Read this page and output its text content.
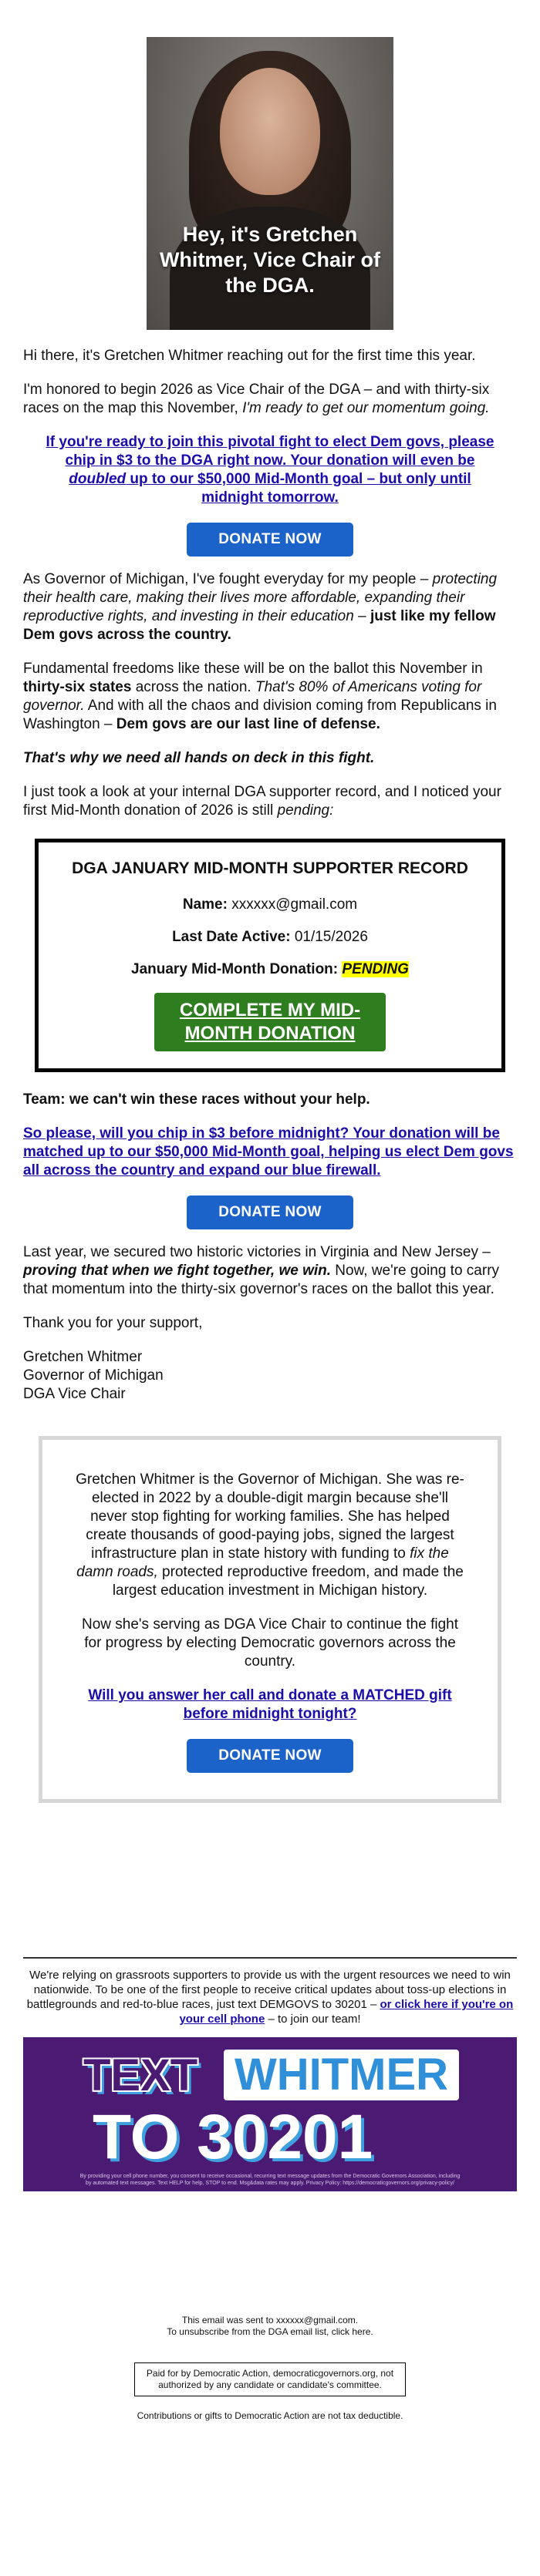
Hey, it's Gretchen Whitmer, Vice Chair of the DGA.

Hi there, it's Gretchen Whitmer reaching out for the first time this year.

I'm honored to begin 2026 as Vice Chair of the DGA – and with thirty-six races on the map this November, I'm ready to get our momentum going.

If you're ready to join this pivotal fight to elect Dem govs, please chip in $3 to the DGA right now. Your donation will even be doubled up to our $50,000 Mid-Month goal – but only until midnight tomorrow.
DONATE NOW

As Governor of Michigan, I've fought everyday for my people – protecting their health care, making their lives more affordable, expanding their reproductive rights, and investing in their education – just like my fellow Dem govs across the country.

Fundamental freedoms like these will be on the ballot this November in thirty-six states across the nation. That's 80% of Americans voting for governor. And with all the chaos and division coming from Republicans in Washington – Dem govs are our last line of defense.

That's why we need all hands on deck in this fight.

I just took a look at your internal DGA supporter record, and I noticed your first Mid-Month donation of 2026 is still pending:

DGA JANUARY MID-MONTH SUPPORTER RECORD
Name: xxxxxx@gmail.com
Last Date Active: 01/15/2026
January Mid-Month Donation: PENDING
COMPLETE MY MID-MONTH DONATION

Team: we can't win these races without your help.

So please, will you chip in $3 before midnight? Your donation will be matched up to our $50,000 Mid-Month goal, helping us elect Dem govs all across the country and expand our blue firewall.
DONATE NOW

Last year, we secured two historic victories in Virginia and New Jersey – proving that when we fight together, we win. Now, we're going to carry that momentum into the thirty-six governor's races on the ballot this year.

Thank you for your support,

Gretchen Whitmer
Governor of Michigan
DGA Vice Chair

Gretchen Whitmer is the Governor of Michigan. She was re-elected in 2022 by a double-digit margin because she'll never stop fighting for working families. She has helped create thousands of good-paying jobs, signed the largest infrastructure plan in state history with funding to fix the damn roads, protected reproductive freedom, and made the largest education investment in Michigan history.

Now she's serving as DGA Vice Chair to continue the fight for progress by electing Democratic governors across the country.

Will you answer her call and donate a MATCHED gift before midnight tonight?
DONATE NOW

We're relying on grassroots supporters to provide us with the urgent resources we need to win nationwide. To be one of the first people to receive critical updates about toss-up elections in battlegrounds and red-to-blue races, just text DEMGOVS to 30201 – or click here if you're on your cell phone – to join our team!

TEXT WHITMER
TO 30201
By providing your cell phone number, you consent to receive occasional, recurring text message updates from the Democratic Governors Association, including by automated text messages. Text HELP for help, STOP to end. Msg&data rates may apply. Privacy Policy: https://democraticgovernors.org/privacy-policy/
This email was sent to xxxxxx@gmail.com.
To unsubscribe from the DGA email list, click here.
Paid for by Democratic Action, democraticgovernors.org, not authorized by any candidate or candidate's committee.
Contributions or gifts to Democratic Action are not tax deductible.
